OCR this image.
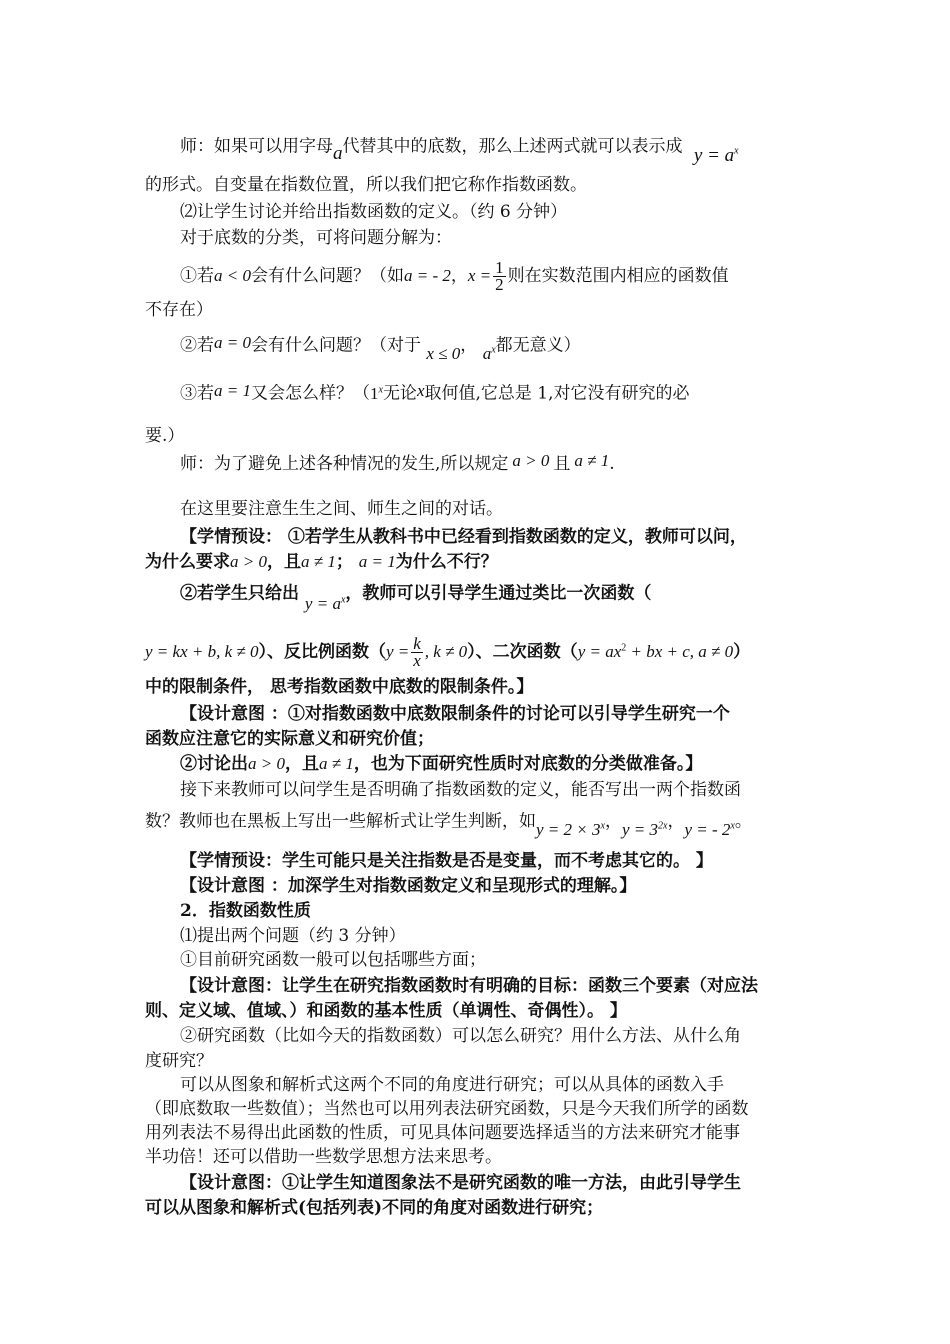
师：如果可以用字母a代替其中的底数，那么上述两式就可以表示成 $y = a^x$
的形式。自变量在指数位置，所以我们把它称作指数函数。
⑵让学生讨论并给出指数函数的定义。（约 6 分钟）
对于底数的分类，可将问题分解为：
①若a < 0会有什么问题？（如a = - 2，$x = \frac{1}{2}$ 则在实数范围内相应的函数值
不存在）
②若a = 0会有什么问题？（对于 x ≤ 0， $a^x$都无意义）
③若a = 1又会怎么样？（1$^x$无论x取何值,它总是 1,对它没有研究的必
要.）
师：为了避免上述各种情况的发生,所以规定 a > 0 且 a ≠ 1.
在这里要注意生生之间、师生之间的对话。
【学情预设： ①若学生从教科书中已经看到指数函数的定义，教师可以问，
为什么要求a > 0，且a ≠ 1； a = 1为什么不行？
②若学生只给出 $y = a^x$，教师可以引导学生通过类比一次函数（
y = kx + b, k ≠ 0）、反比例函数（$y = \frac{k}{x}$ , k ≠ 0）、二次函数（$y = ax^2$ + bx + c, a ≠ 0）
中的限制条件， 思考指数函数中底数的限制条件。】
【设计意图 ：①对指数函数中底数限制条件的讨论可以引导学生研究一个
函数应注意它的实际意义和研究价值；
②讨论出a > 0，且a ≠ 1，也为下面研究性质时对底数的分类做准备。】
接下来教师可以问学生是否明确了指数函数的定义，能否写出一两个指数函
数？教师也在黑板上写出一些解析式让学生判断，如$y = 2 \times 3^x$，$y = 3^{2x}$，y = - 2$^x$。
【学情预设：学生可能只是关注指数是否是变量，而不考虑其它的。 】
【设计意图 ：加深学生对指数函数定义和呈现形式的理解。】
2．指数函数性质
⑴提出两个问题（约 3 分钟）
①目前研究函数一般可以包括哪些方面；
【设计意图：让学生在研究指数函数时有明确的目标：函数三个要素（对应法
则、定义域、值域、）和函数的基本性质（单调性、奇偶性）。 】
②研究函数（比如今天的指数函数）可以怎么研究？用什么方法、从什么角
度研究？
可以从图象和解析式这两个不同的角度进行研究；可以从具体的函数入手
（即底数取一些数值）；当然也可以用列表法研究函数，只是今天我们所学的函数
用列表法不易得出此函数的性质，可见具体问题要选择适当的方法来研究才能事
半功倍！还可以借助一些数学思想方法来思考。
【设计意图：①让学生知道图象法不是研究函数的唯一方法，由此引导学生
可以从图象和解析式(包括列表)不同的角度对函数进行研究；
